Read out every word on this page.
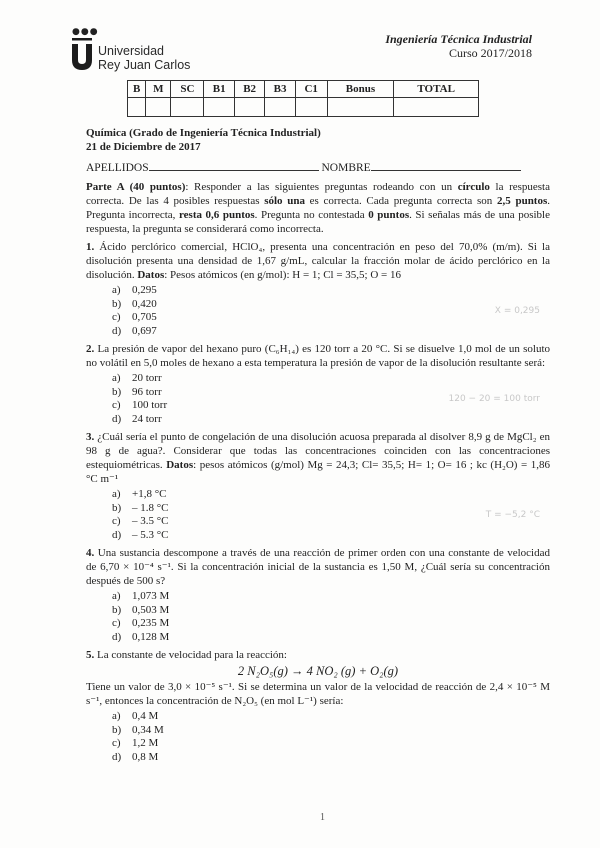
●●●
Universidad
Rey Juan Carlos
Ingeniería Técnica Industrial
Curso 2017/2018
B	M	SC	B1	B2	B3	C1	Bonus	TOTAL

Química (Grado de Ingeniería Técnica Industrial)
21 de Diciembre de 2017
APELLIDOS	NOMBRE
Parte A (40 puntos): Responder a las siguientes preguntas rodeando con un círculo la respuesta correcta. De las 4 posibles respuestas sólo una es correcta. Cada pregunta correcta son 2,5 puntos. Pregunta incorrecta, resta 0,6 puntos. Pregunta no contestada 0 puntos. Si señalas más de una posible respuesta, la pregunta se considerará como incorrecta.
1. Ácido perclórico comercial, HClO₄, presenta una concentración en peso del 70,0% (m/m). Si la disolución presenta una densidad de 1,67 g/mL, calcular la fracción molar de ácido perclórico en la disolución. Datos: Pesos atómicos (en g/mol): H = 1; Cl = 35,5; O = 16
a) 0,295
b) 0,420
c) 0,705
d) 0,697
X = 0,295
2. La presión de vapor del hexano puro (C₆H₁₄) es 120 torr a 20 °C. Si se disuelve 1,0 mol de un soluto no volátil en 5,0 moles de hexano a esta temperatura la presión de vapor de la disolución resultante será:
a) 20 torr
b) 96 torr
c) 100 torr
d) 24 torr
120 − 20 = 100 torr
3. ¿Cuál sería el punto de congelación de una disolución acuosa preparada al disolver 8,9 g de MgCl₂ en 98 g de agua?. Considerar que todas las concentraciones coinciden con las concentraciones estequiométricas. Datos: pesos atómicos (g/mol) Mg = 24,3; Cl= 35,5; H= 1; O= 16 ; kc (H₂O) = 1,86 °C m⁻¹
a) +1,8 °C
b) – 1.8 °C
c) – 3.5 °C
d) – 5.3 °C
T = −5,2 °C
4. Una sustancia descompone a través de una reacción de primer orden con una constante de velocidad de 6,70 × 10⁻⁴ s⁻¹. Si la concentración inicial de la sustancia es 1,50 M, ¿Cuál sería su concentración después de 500 s?
a) 1,073 M
b) 0,503 M
c) 0,235 M
d) 0,128 M
5. La constante de velocidad para la reacción:
2 N₂O₅(g) → 4 NO₂ (g) + O₂(g)
Tiene un valor de 3,0 × 10⁻⁵ s⁻¹. Si se determina un valor de la velocidad de reacción de 2,4 × 10⁻⁵ M s⁻¹, entonces la concentración de N₂O₅ (en mol L⁻¹) sería:
a) 0,4 M
b) 0,34 M
c) 1,2 M
d) 0,8 M
1
